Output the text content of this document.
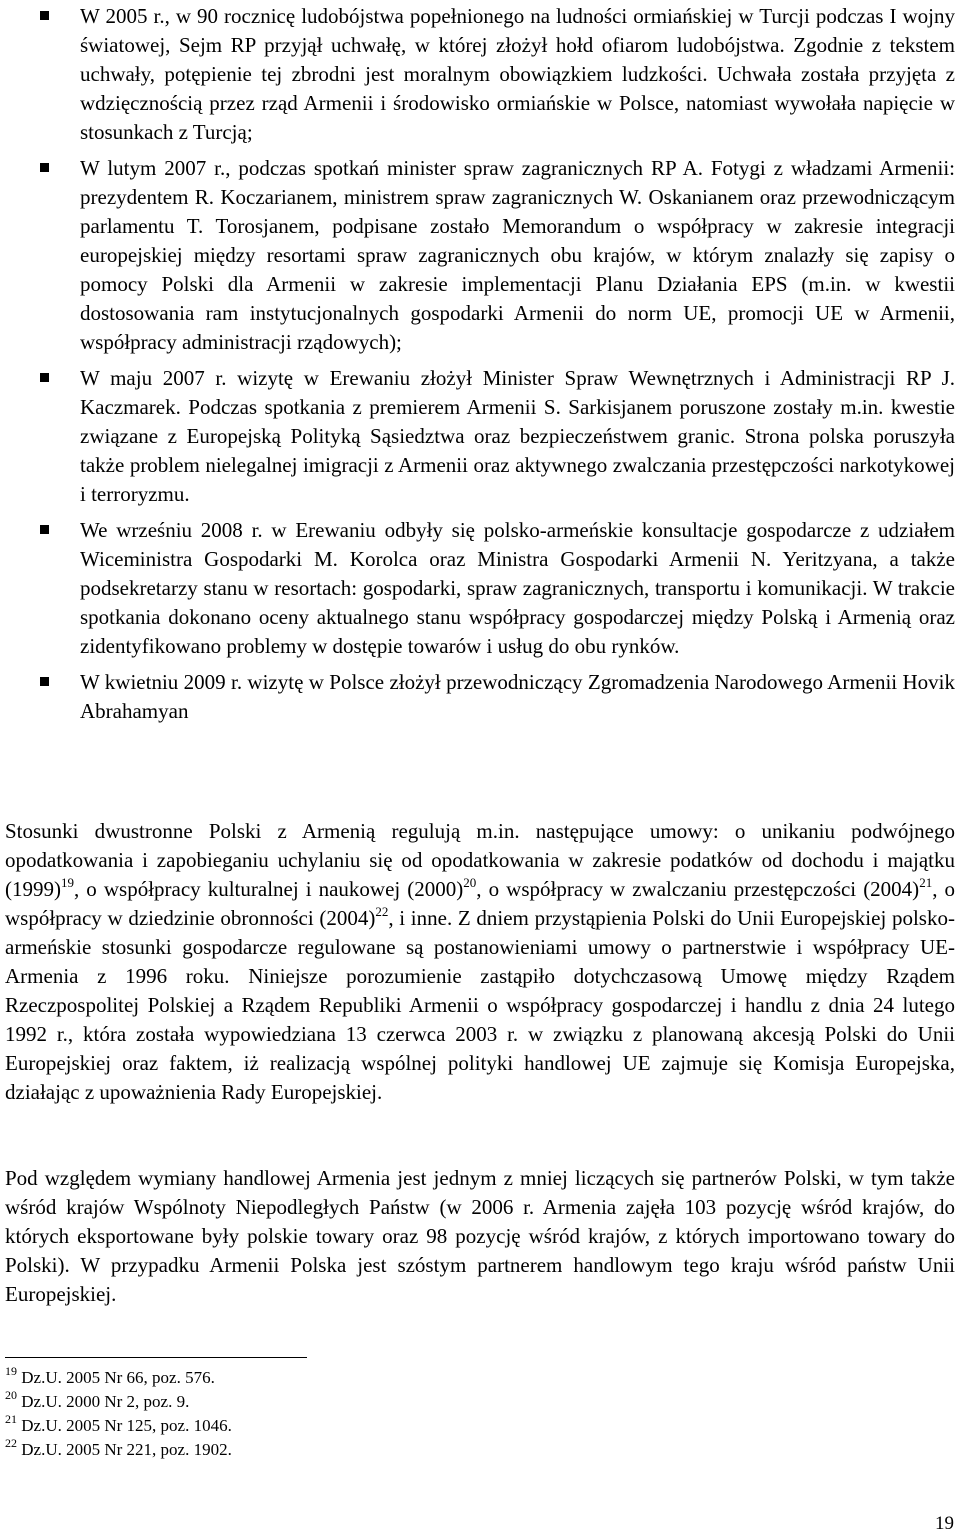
W 2005 r., w 90 rocznicę ludobójstwa popełnionego na ludności ormiańskiej w Turcji podczas I wojny światowej, Sejm RP przyjął uchwałę, w której złożył hołd ofiarom ludobójstwa. Zgodnie z tekstem uchwały, potępienie tej zbrodni jest moralnym obowiązkiem ludzkości. Uchwała została przyjęta z wdzięcznością przez rząd Armenii i środowisko ormiańskie w Polsce, natomiast wywołała napięcie w stosunkach z Turcją;
W lutym 2007 r., podczas spotkań minister spraw zagranicznych RP A. Fotygi z władzami Armenii: prezydentem R. Koczarianem, ministrem spraw zagranicznych W. Oskanianem oraz przewodniczącym parlamentu T. Torosjanem, podpisane zostało Memorandum o współpracy w zakresie integracji europejskiej między resortami spraw zagranicznych obu krajów, w którym znalazły się zapisy o pomocy Polski dla Armenii w zakresie implementacji Planu Działania EPS (m.in. w kwestii dostosowania ram instytucjonalnych gospodarki Armenii do norm UE, promocji UE w Armenii, współpracy administracji rządowych);
W maju 2007 r. wizytę w Erewaniu złożył Minister Spraw Wewnętrznych i Administracji RP J. Kaczmarek. Podczas spotkania z premierem Armenii S. Sarkisjanem poruszone zostały m.in. kwestie związane z Europejską Polityką Sąsiedztwa oraz bezpieczeństwem granic. Strona polska poruszyła także problem nielegalnej imigracji z Armenii oraz aktywnego zwalczania przestępczości narkotykowej i terroryzmu.
We wrześniu 2008 r. w Erewaniu odbyły się polsko-armeńskie konsultacje gospodarcze z udziałem Wiceministra Gospodarki M. Korolca oraz Ministra Gospodarki Armenii N. Yeritzyana, a także podsekretarzy stanu w resortach: gospodarki, spraw zagranicznych, transportu i komunikacji. W trakcie spotkania dokonano oceny aktualnego stanu współpracy gospodarczej między Polską i Armenią oraz zidentyfikowano problemy w dostępie towarów i usług do obu rynków.
W kwietniu 2009 r. wizytę w Polsce złożył przewodniczący Zgromadzenia Narodowego Armenii Hovik Abrahamyan

Stosunki dwustronne Polski z Armenią regulują m.in. następujące umowy: o unikaniu podwójnego opodatkowania i zapobieganiu uchylaniu się od opodatkowania w zakresie podatków od dochodu i majątku $(1999)^{19}$, o współpracy kulturalnej i naukowej $(2000)^{20}$, o współpracy w zwalczaniu przestępczości $(2004)^{21}$, o współpracy w dziedzinie obronności $(2004)^{22}$, i inne. Z dniem przystąpienia Polski do Unii Europejskiej polsko-armeńskie stosunki gospodarcze regulowane są postanowieniami umowy o partnerstwie i współpracy UE-Armenia z 1996 roku. Niniejsze porozumienie zastąpiło dotychczasową Umowę między Rządem Rzeczpospolitej Polskiej a Rządem Republiki Armenii o współpracy gospodarczej i handlu z dnia 24 lutego 1992 r., która została wypowiedziana 13 czerwca 2003 r. w związku z planowaną akcesją Polski do Unii Europejskiej oraz faktem, iż realizacją wspólnej polityki handlowej UE zajmuje się Komisja Europejska, działając z upoważnienia Rady Europejskiej.

Pod względem wymiany handlowej Armenia jest jednym z mniej liczących się partnerów Polski, w tym także wśród krajów Wspólnoty Niepodległych Państw (w 2006 r. Armenia zajęła 103 pozycję wśród krajów, do których eksportowane były polskie towary oraz 98 pozycję wśród krajów, z których importowano towary do Polski). W przypadku Armenii Polska jest szóstym partnerem handlowym tego kraju wśród państw Unii Europejskiej.

$^{19}$ Dz.U. 2005 Nr 66, poz. 576.
$^{20}$ Dz.U. 2000 Nr 2, poz. 9.
$^{21}$ Dz.U. 2005 Nr 125, poz. 1046.
$^{22}$ Dz.U. 2005 Nr 221, poz. 1902.
19
